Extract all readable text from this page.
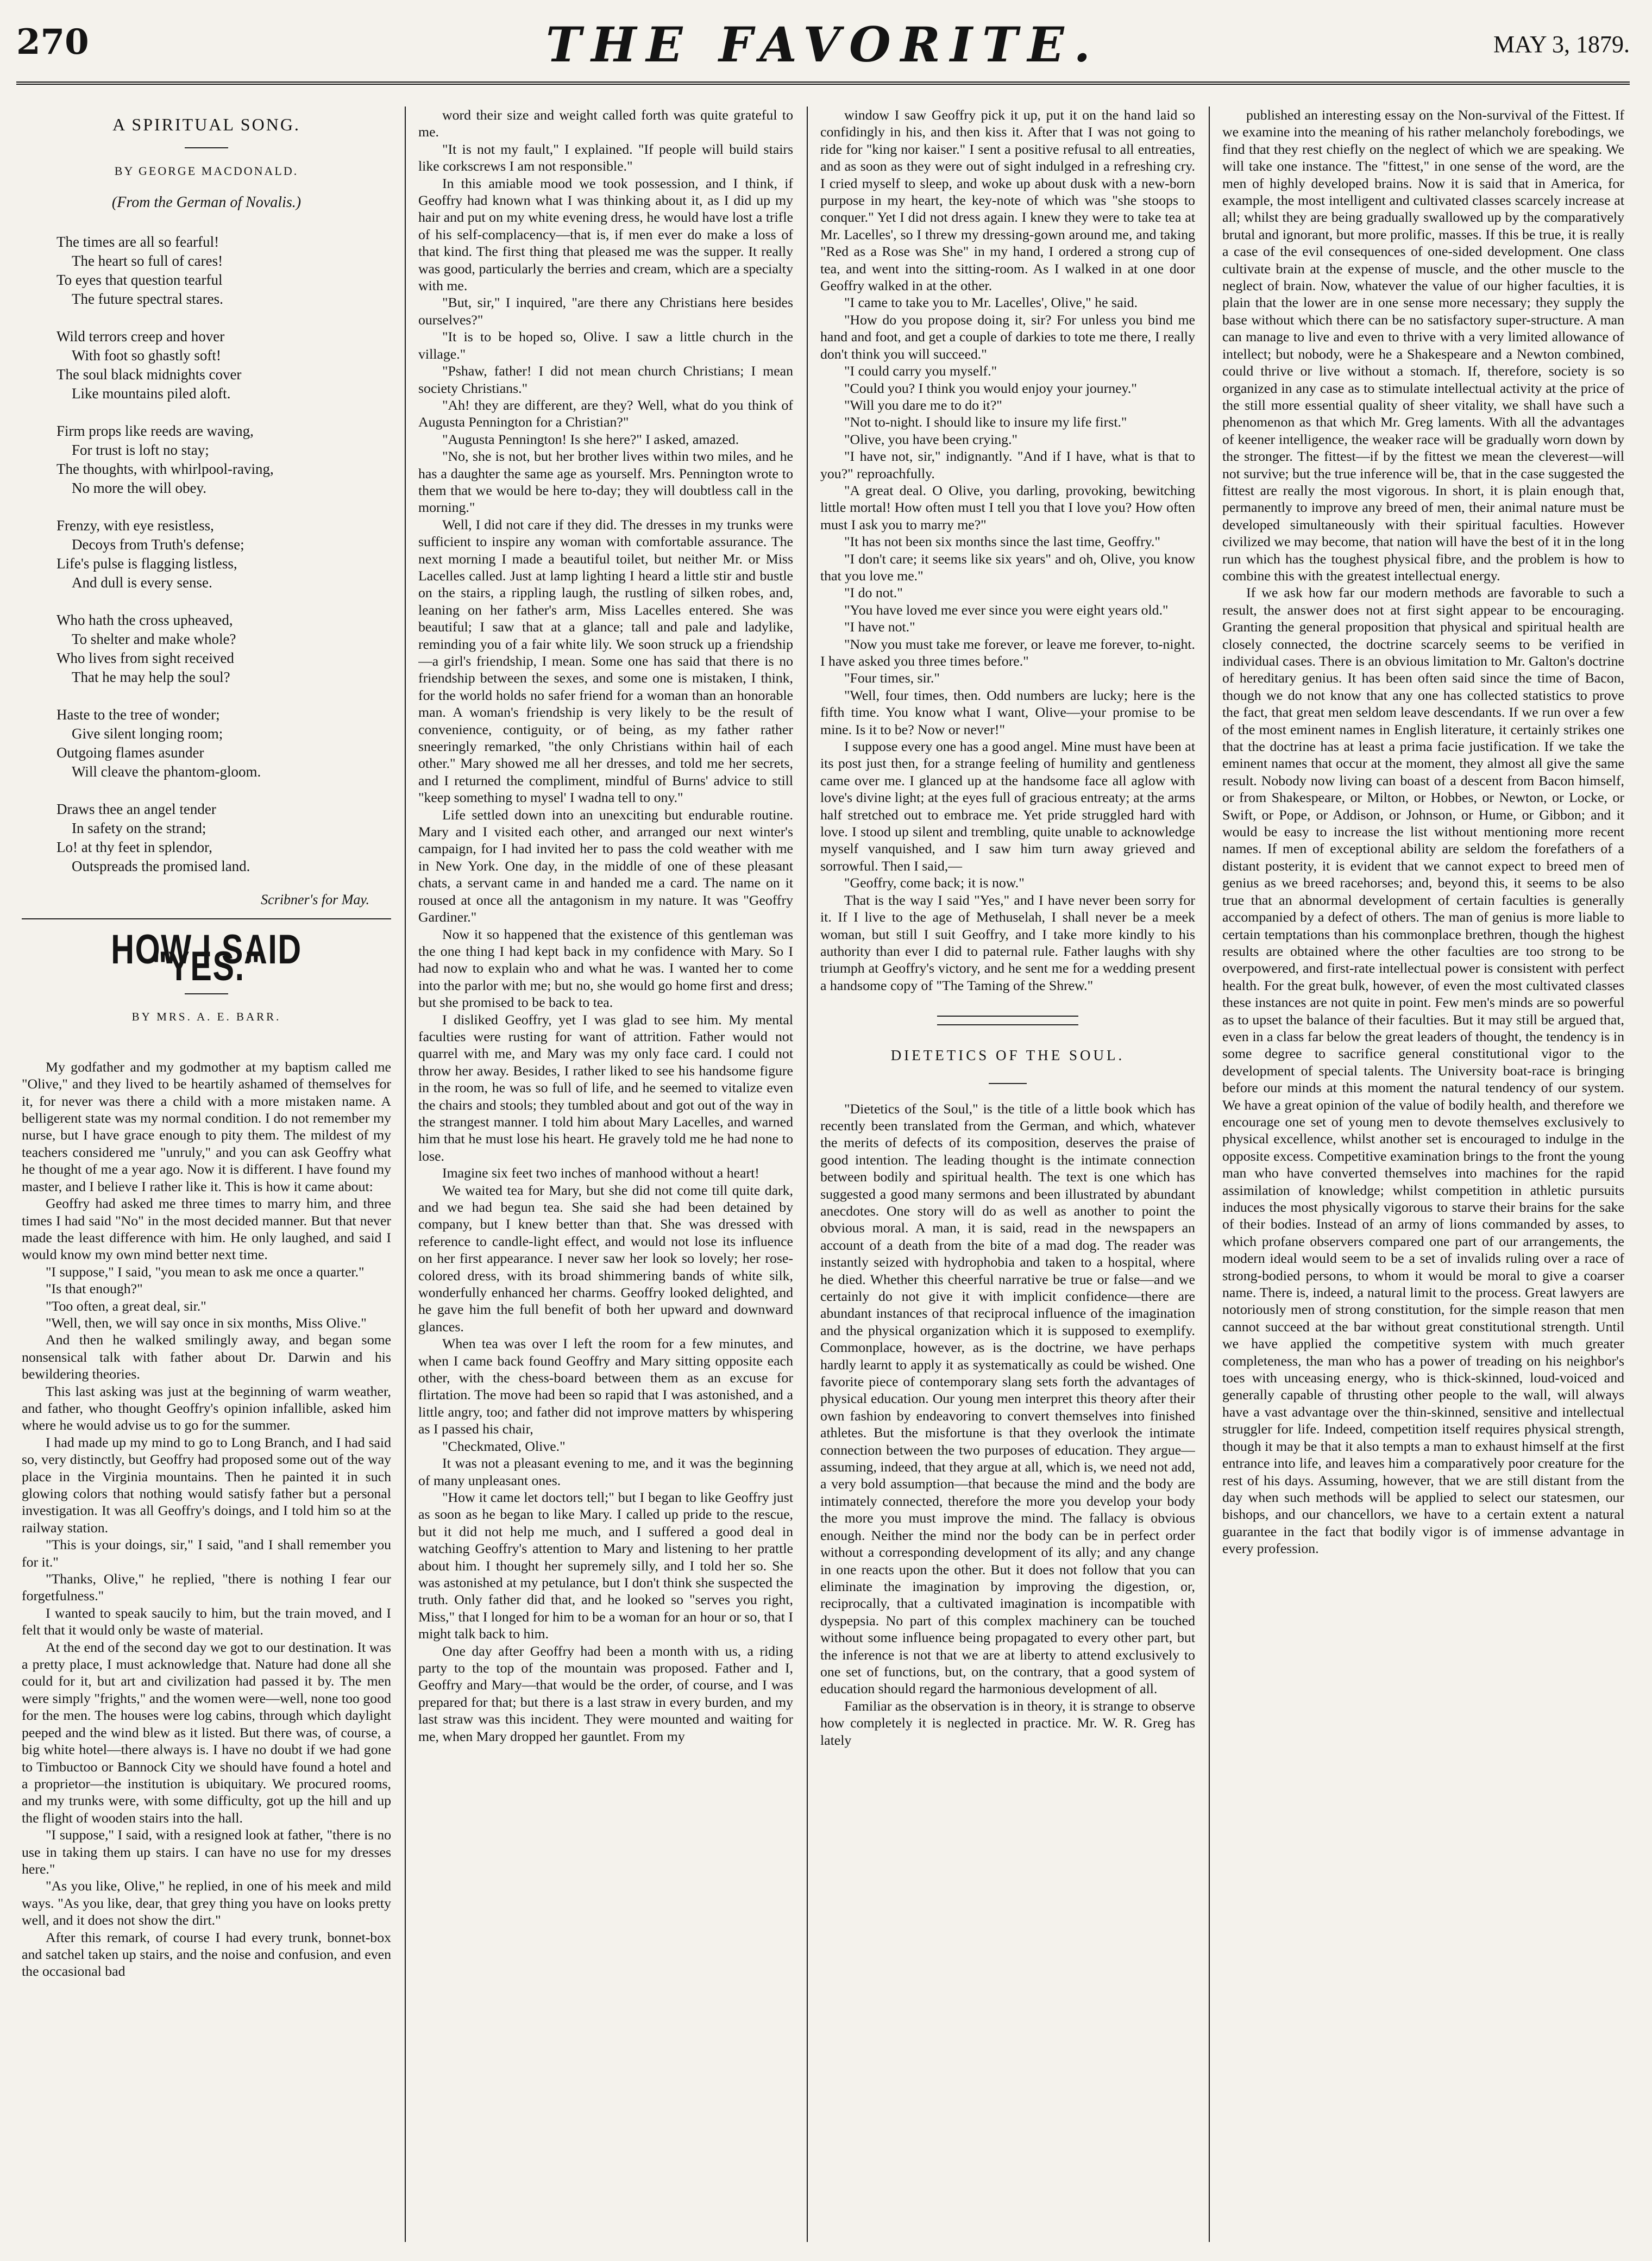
270	THE FAVORITE.	MAY 3, 1879.
A SPIRITUAL SONG.
BY GEORGE MACDONALD.
(From the German of Novalis.)
The times are all so fearful!
The heart so full of cares!
To eyes that question tearful
The future spectral stares.
Wild terrors creep and hover
With foot so ghastly soft!
The soul black midnights cover
Like mountains piled aloft.
Firm props like reeds are waving,
For trust is loft no stay;
The thoughts, with whirlpool-raving,
No more the will obey.
Frenzy, with eye resistless,
Decoys from Truth's defense;
Life's pulse is flagging listless,
And dull is every sense.
Who hath the cross upheaved,
To shelter and make whole?
Who lives from sight received
That he may help the soul?
Haste to the tree of wonder;
Give silent longing room;
Outgoing flames asunder
Will cleave the phantom-gloom.
Draws thee an angel tender
In safety on the strand;
Lo! at thy feet in splendor,
Outspreads the promised land.
Scribner's for May.
HOW I SAID "YES."
BY MRS. A. E. BARR.

My godfather and my godmother at my baptism called me "Olive," and they lived to be heartily ashamed of themselves for it, for never was there a child with a more mistaken name. A belligerent state was my normal condition. I do not remember my nurse, but I have grace enough to pity them. The mildest of my teachers considered me "unruly," and you can ask Geoffry what he thought of me a year ago. Now it is different. I have found my master, and I believe I rather like it. This is how it came about:

Geoffry had asked me three times to marry him, and three times I had said "No" in the most decided manner. But that never made the least difference with him. He only laughed, and said I would know my own mind better next time.

"I suppose," I said, "you mean to ask me once a quarter."

"Is that enough?"

"Too often, a great deal, sir."

"Well, then, we will say once in six months, Miss Olive."

And then he walked smilingly away, and began some nonsensical talk with father about Dr. Darwin and his bewildering theories.

This last asking was just at the beginning of warm weather, and father, who thought Geoffry's opinion infallible, asked him where he would advise us to go for the summer.

I had made up my mind to go to Long Branch, and I had said so, very distinctly, but Geoffry had proposed some out of the way place in the Virginia mountains. Then he painted it in such glowing colors that nothing would satisfy father but a personal investigation. It was all Geoffry's doings, and I told him so at the railway station.

"This is your doings, sir," I said, "and I shall remember you for it."

"Thanks, Olive," he replied, "there is nothing I fear our forgetfulness."

I wanted to speak saucily to him, but the train moved, and I felt that it would only be waste of material.

At the end of the second day we got to our destination. It was a pretty place, I must acknowledge that. Nature had done all she could for it, but art and civilization had passed it by. The men were simply "frights," and the women were—well, none too good for the men. The houses were log cabins, through which daylight peeped and the wind blew as it listed. But there was, of course, a big white hotel—there always is. I have no doubt if we had gone to Timbuctoo or Bannock City we should have found a hotel and a proprietor—the institution is ubiquitary. We procured rooms, and my trunks were, with some difficulty, got up the hill and up the flight of wooden stairs into the hall.

"I suppose," I said, with a resigned look at father, "there is no use in taking them up stairs. I can have no use for my dresses here."

"As you like, Olive," he replied, in one of his meek and mild ways. "As you like, dear, that grey thing you have on looks pretty well, and it does not show the dirt."

After this remark, of course I had every trunk, bonnet-box and satchel taken up stairs, and the noise and confusion, and even the occasional bad

word their size and weight called forth was quite grateful to me.

"It is not my fault," I explained. "If people will build stairs like corkscrews I am not responsible."

In this amiable mood we took possession, and I think, if Geoffry had known what I was thinking about it, as I did up my hair and put on my white evening dress, he would have lost a trifle of his self-complacency—that is, if men ever do make a loss of that kind. The first thing that pleased me was the supper. It really was good, particularly the berries and cream, which are a specialty with me.

"But, sir," I inquired, "are there any Christians here besides ourselves?"

"It is to be hoped so, Olive. I saw a little church in the village."

"Pshaw, father! I did not mean church Christians; I mean society Christians."

"Ah! they are different, are they? Well, what do you think of Augusta Pennington for a Christian?"

"Augusta Pennington! Is she here?" I asked, amazed.

"No, she is not, but her brother lives within two miles, and he has a daughter the same age as yourself. Mrs. Pennington wrote to them that we would be here to-day; they will doubtless call in the morning."

Well, I did not care if they did. The dresses in my trunks were sufficient to inspire any woman with comfortable assurance. The next morning I made a beautiful toilet, but neither Mr. or Miss Lacelles called. Just at lamp lighting I heard a little stir and bustle on the stairs, a rippling laugh, the rustling of silken robes, and, leaning on her father's arm, Miss Lacelles entered. She was beautiful; I saw that at a glance; tall and pale and ladylike, reminding you of a fair white lily. We soon struck up a friendship—a girl's friendship, I mean. Some one has said that there is no friendship between the sexes, and some one is mistaken, I think, for the world holds no safer friend for a woman than an honorable man. A woman's friendship is very likely to be the result of convenience, contiguity, or of being, as my father rather sneeringly remarked, "the only Christians within hail of each other." Mary showed me all her dresses, and told me her secrets, and I returned the compliment, mindful of Burns' advice to still "keep something to mysel' I wadna tell to ony."

Life settled down into an unexciting but endurable routine. Mary and I visited each other, and arranged our next winter's campaign, for I had invited her to pass the cold weather with me in New York. One day, in the middle of one of these pleasant chats, a servant came in and handed me a card. The name on it roused at once all the antagonism in my nature. It was "Geoffry Gardiner."

Now it so happened that the existence of this gentleman was the one thing I had kept back in my confidence with Mary. So I had now to explain who and what he was. I wanted her to come into the parlor with me; but no, she would go home first and dress; but she promised to be back to tea.

I disliked Geoffry, yet I was glad to see him. My mental faculties were rusting for want of attrition. Father would not quarrel with me, and Mary was my only face card. I could not throw her away. Besides, I rather liked to see his handsome figure in the room, he was so full of life, and he seemed to vitalize even the chairs and stools; they tumbled about and got out of the way in the strangest manner. I told him about Mary Lacelles, and warned him that he must lose his heart. He gravely told me he had none to lose.

Imagine six feet two inches of manhood without a heart!

We waited tea for Mary, but she did not come till quite dark, and we had begun tea. She said she had been detained by company, but I knew better than that. She was dressed with reference to candle-light effect, and would not lose its influence on her first appearance. I never saw her look so lovely; her rose-colored dress, with its broad shimmering bands of white silk, wonderfully enhanced her charms. Geoffry looked delighted, and he gave him the full benefit of both her upward and downward glances.

When tea was over I left the room for a few minutes, and when I came back found Geoffry and Mary sitting opposite each other, with the chess-board between them as an excuse for flirtation. The move had been so rapid that I was astonished, and a little angry, too; and father did not improve matters by whispering as I passed his chair,

"Checkmated, Olive."

It was not a pleasant evening to me, and it was the beginning of many unpleasant ones.

"How it came let doctors tell;" but I began to like Geoffry just as soon as he began to like Mary. I called up pride to the rescue, but it did not help me much, and I suffered a good deal in watching Geoffry's attention to Mary and listening to her prattle about him. I thought her supremely silly, and I told her so. She was astonished at my petulance, but I don't think she suspected the truth. Only father did that, and he looked so "serves you right, Miss," that I longed for him to be a woman for an hour or so, that I might talk back to him.

One day after Geoffry had been a month with us, a riding party to the top of the mountain was proposed. Father and I, Geoffry and Mary—that would be the order, of course, and I was prepared for that; but there is a last straw in every burden, and my last straw was this incident. They were mounted and waiting for me, when Mary dropped her gauntlet. From my

window I saw Geoffry pick it up, put it on the hand laid so confidingly in his, and then kiss it. After that I was not going to ride for "king nor kaiser." I sent a positive refusal to all entreaties, and as soon as they were out of sight indulged in a refreshing cry. I cried myself to sleep, and woke up about dusk with a new-born purpose in my heart, the key-note of which was "she stoops to conquer." Yet I did not dress again. I knew they were to take tea at Mr. Lacelles', so I threw my dressing-gown around me, and taking "Red as a Rose was She" in my hand, I ordered a strong cup of tea, and went into the sitting-room. As I walked in at one door Geoffry walked in at the other.

"I came to take you to Mr. Lacelles', Olive," he said.

"How do you propose doing it, sir? For unless you bind me hand and foot, and get a couple of darkies to tote me there, I really don't think you will succeed."

"I could carry you myself."

"Could you? I think you would enjoy your journey."

"Will you dare me to do it?"

"Not to-night. I should like to insure my life first."

"Olive, you have been crying."

"I have not, sir," indignantly. "And if I have, what is that to you?" reproachfully.

"A great deal. O Olive, you darling, provoking, bewitching little mortal! How often must I tell you that I love you? How often must I ask you to marry me?"

"It has not been six months since the last time, Geoffry."

"I don't care; it seems like six years" and oh, Olive, you know that you love me."

"I do not."

"You have loved me ever since you were eight years old."

"I have not."

"Now you must take me forever, or leave me forever, to-night. I have asked you three times before."

"Four times, sir."

"Well, four times, then. Odd numbers are lucky; here is the fifth time. You know what I want, Olive—your promise to be mine. Is it to be? Now or never!"

I suppose every one has a good angel. Mine must have been at its post just then, for a strange feeling of humility and gentleness came over me. I glanced up at the handsome face all aglow with love's divine light; at the eyes full of gracious entreaty; at the arms half stretched out to embrace me. Yet pride struggled hard with love. I stood up silent and trembling, quite unable to acknowledge myself vanquished, and I saw him turn away grieved and sorrowful. Then I said,—

"Geoffry, come back; it is now."

That is the way I said "Yes," and I have never been sorry for it. If I live to the age of Methuselah, I shall never be a meek woman, but still I suit Geoffry, and I take more kindly to his authority than ever I did to paternal rule. Father laughs with shy triumph at Geoffry's victory, and he sent me for a wedding present a handsome copy of "The Taming of the Shrew."

DIETETICS OF THE SOUL.

"Dietetics of the Soul," is the title of a little book which has recently been translated from the German, and which, whatever the merits of defects of its composition, deserves the praise of good intention. The leading thought is the intimate connection between bodily and spiritual health. The text is one which has suggested a good many sermons and been illustrated by abundant anecdotes. One story will do as well as another to point the obvious moral. A man, it is said, read in the newspapers an account of a death from the bite of a mad dog. The reader was instantly seized with hydrophobia and taken to a hospital, where he died. Whether this cheerful narrative be true or false—and we certainly do not give it with implicit confidence—there are abundant instances of that reciprocal influence of the imagination and the physical organization which it is supposed to exemplify. Commonplace, however, as is the doctrine, we have perhaps hardly learnt to apply it as systematically as could be wished. One favorite piece of contemporary slang sets forth the advantages of physical education. Our young men interpret this theory after their own fashion by endeavoring to convert themselves into finished athletes. But the misfortune is that they overlook the intimate connection between the two purposes of education. They argue—assuming, indeed, that they argue at all, which is, we need not add, a very bold assumption—that because the mind and the body are intimately connected, therefore the more you develop your body the more you must improve the mind. The fallacy is obvious enough. Neither the mind nor the body can be in perfect order without a corresponding development of its ally; and any change in one reacts upon the other. But it does not follow that you can eliminate the imagination by improving the digestion, or, reciprocally, that a cultivated imagination is incompatible with dyspepsia. No part of this complex machinery can be touched without some influence being propagated to every other part, but the inference is not that we are at liberty to attend exclusively to one set of functions, but, on the contrary, that a good system of education should regard the harmonious development of all.

Familiar as the observation is in theory, it is strange to observe how completely it is neglected in practice. Mr. W. R. Greg has lately

published an interesting essay on the Non-survival of the Fittest. If we examine into the meaning of his rather melancholy forebodings, we find that they rest chiefly on the neglect of which we are speaking. We will take one instance. The "fittest," in one sense of the word, are the men of highly developed brains. Now it is said that in America, for example, the most intelligent and cultivated classes scarcely increase at all; whilst they are being gradually swallowed up by the comparatively brutal and ignorant, but more prolific, masses. If this be true, it is really a case of the evil consequences of one-sided development. One class cultivate brain at the expense of muscle, and the other muscle to the neglect of brain. Now, whatever the value of our higher faculties, it is plain that the lower are in one sense more necessary; they supply the base without which there can be no satisfactory super-structure. A man can manage to live and even to thrive with a very limited allowance of intellect; but nobody, were he a Shakespeare and a Newton combined, could thrive or live without a stomach. If, therefore, society is so organized in any case as to stimulate intellectual activity at the price of the still more essential quality of sheer vitality, we shall have such a phenomenon as that which Mr. Greg laments. With all the advantages of keener intelligence, the weaker race will be gradually worn down by the stronger. The fittest—if by the fittest we mean the cleverest—will not survive; but the true inference will be, that in the case suggested the fittest are really the most vigorous. In short, it is plain enough that, permanently to improve any breed of men, their animal nature must be developed simultaneously with their spiritual faculties. However civilized we may become, that nation will have the best of it in the long run which has the toughest physical fibre, and the problem is how to combine this with the greatest intellectual energy.

If we ask how far our modern methods are favorable to such a result, the answer does not at first sight appear to be encouraging. Granting the general proposition that physical and spiritual health are closely connected, the doctrine scarcely seems to be verified in individual cases. There is an obvious limitation to Mr. Galton's doctrine of hereditary genius. It has been often said since the time of Bacon, though we do not know that any one has collected statistics to prove the fact, that great men seldom leave descendants. If we run over a few of the most eminent names in English literature, it certainly strikes one that the doctrine has at least a prima facie justification. If we take the eminent names that occur at the moment, they almost all give the same result. Nobody now living can boast of a descent from Bacon himself, or from Shakespeare, or Milton, or Hobbes, or Newton, or Locke, or Swift, or Pope, or Addison, or Johnson, or Hume, or Gibbon; and it would be easy to increase the list without mentioning more recent names. If men of exceptional ability are seldom the forefathers of a distant posterity, it is evident that we cannot expect to breed men of genius as we breed racehorses; and, beyond this, it seems to be also true that an abnormal development of certain faculties is generally accompanied by a defect of others. The man of genius is more liable to certain temptations than his commonplace brethren, though the highest results are obtained where the other faculties are too strong to be overpowered, and first-rate intellectual power is consistent with perfect health. For the great bulk, however, of even the most cultivated classes these instances are not quite in point. Few men's minds are so powerful as to upset the balance of their faculties. But it may still be argued that, even in a class far below the great leaders of thought, the tendency is in some degree to sacrifice general constitutional vigor to the development of special talents. The University boat-race is bringing before our minds at this moment the natural tendency of our system. We have a great opinion of the value of bodily health, and therefore we encourage one set of young men to devote themselves exclusively to physical excellence, whilst another set is encouraged to indulge in the opposite excess. Competitive examination brings to the front the young man who have converted themselves into machines for the rapid assimilation of knowledge; whilst competition in athletic pursuits induces the most physically vigorous to starve their brains for the sake of their bodies. Instead of an army of lions commanded by asses, to which profane observers compared one part of our arrangements, the modern ideal would seem to be a set of invalids ruling over a race of strong-bodied persons, to whom it would be moral to give a coarser name. There is, indeed, a natural limit to the process. Great lawyers are notoriously men of strong constitution, for the simple reason that men cannot succeed at the bar without great constitutional strength. Until we have applied the competitive system with much greater completeness, the man who has a power of treading on his neighbor's toes with unceasing energy, who is thick-skinned, loud-voiced and generally capable of thrusting other people to the wall, will always have a vast advantage over the thin-skinned, sensitive and intellectual struggler for life. Indeed, competition itself requires physical strength, though it may be that it also tempts a man to exhaust himself at the first entrance into life, and leaves him a comparatively poor creature for the rest of his days. Assuming, however, that we are still distant from the day when such methods will be applied to select our statesmen, our bishops, and our chancellors, we have to a certain extent a natural guarantee in the fact that bodily vigor is of immense advantage in every profession.
